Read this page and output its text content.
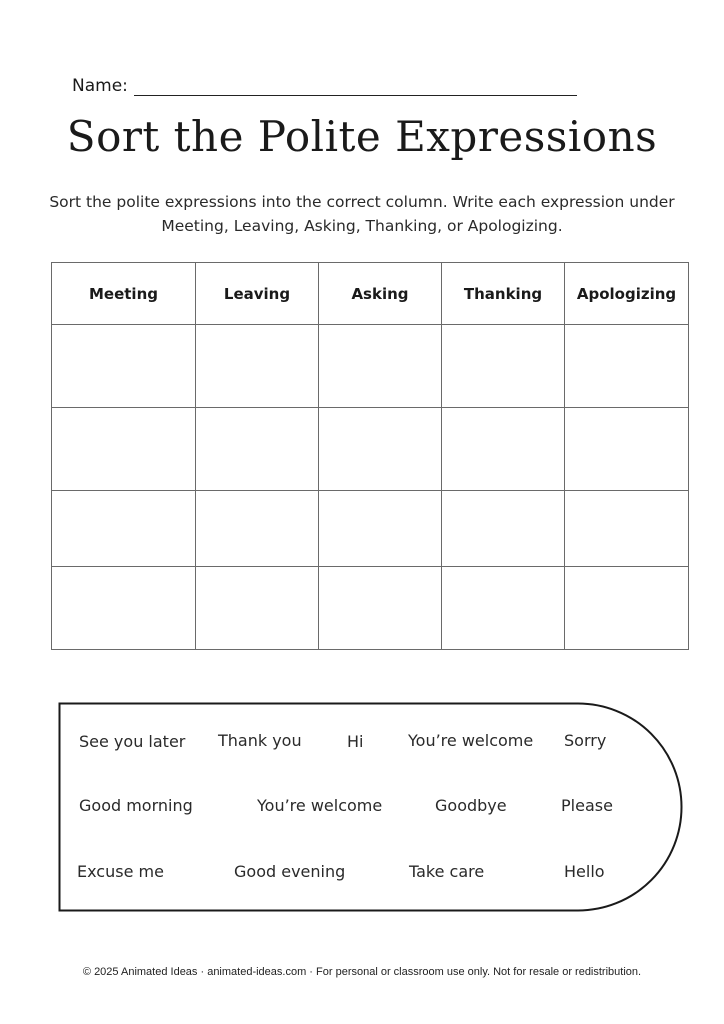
Name:
Sort the Polite Expressions
Sort the polite expressions into the correct column. Write each expression under
Meeting, Leaving, Asking, Thanking, or Apologizing.
Meeting	Leaving	Asking	Thanking	Apologizing

See you later Thank you	Hi	You’re welcome Sorry
Good morning	You’re welcome	Goodbye	Please
Excuse me	Good evening	Take care	Hello
© 2025 Animated Ideas · animated-ideas.com · For personal or classroom use only. Not for resale or redistribution.
